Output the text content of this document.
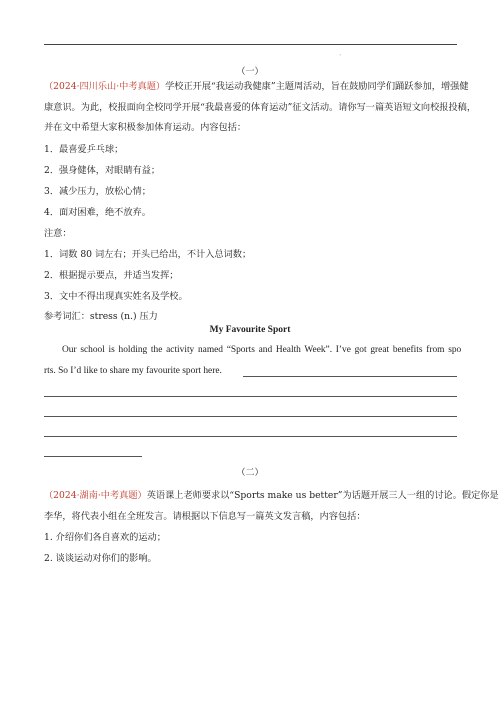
、
（一）
（2024·四川乐山·中考真题）学校正开展“我运动我健康”主题周活动，旨在鼓励同学们踊跃参加，增强健
康意识。为此，校报面向全校同学开展“我最喜爱的体育运动”征文活动。请你写一篇英语短文向校报投稿，
并在文中希望大家积极参加体育运动。内容包括：
1．最喜爱乒乓球；
2．强身健体，对眼睛有益；
3．减少压力，放松心情；
4．面对困难，绝不放弃。
注意：
1．词数 80 词左右；开头已给出，不计入总词数；
2．根据提示要点，并适当发挥；
3．文中不得出现真实姓名及学校。
参考词汇：stress (n.) 压力
My Favourite Sport
Our school is holding the activity named “Sports and Health Week”. I’ve got great benefits from spo
rts. So I’d like to share my favourite sport here.
（二）
（2024·湖南·中考真题）英语课上老师要求以“Sports make us better”为话题开展三人一组的讨论。假定你是
李华，将代表小组在全班发言。请根据以下信息写一篇英文发言稿，内容包括：
1. 介绍你们各自喜欢的运动；
2. 谈谈运动对你们的影响。
